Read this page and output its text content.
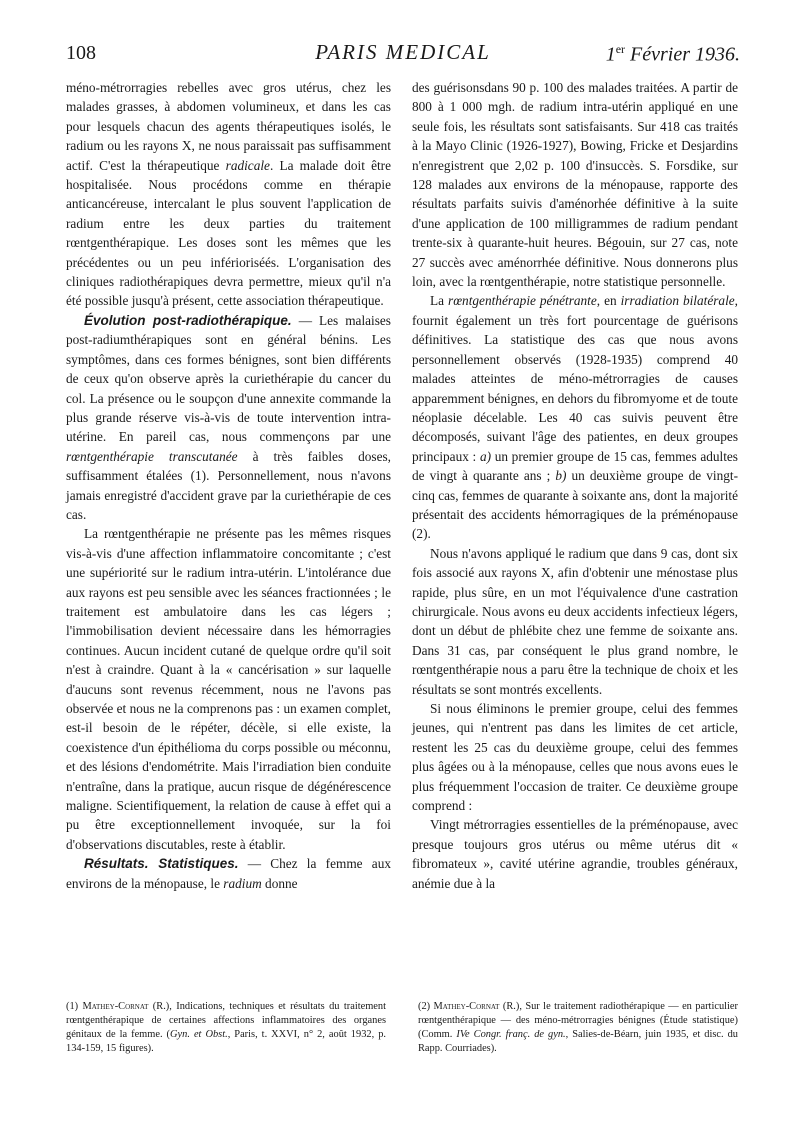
108	PARIS MEDICAL	1er Février 1936.

méno-métrorragies rebelles avec gros utérus, chez les malades grasses, à abdomen volumineux, et dans les cas pour lesquels chacun des agents thérapeutiques isolés, le radium ou les rayons X, ne nous paraissait pas suffisamment actif. C'est la thérapeutique radicale. La malade doit être hospitalisée. Nous procédons comme en thérapie anticancéreuse, intercalant le plus souvent l'application de radium entre les deux parties du traitement rœntgenthérapique. Les doses sont les mêmes que les précédentes ou un peu inférioriséés. L'organisation des cliniques radiothérapiques devra permettre, mieux qu'il n'a été possible jusqu'à présent, cette association thérapeutique.

Évolution post-radiothérapique. — Les malaises post-radiumthérapiques sont en général bénins. Les symptômes, dans ces formes bénignes, sont bien différents de ceux qu'on observe après la curiethérapie du cancer du col. La présence ou le soupçon d'une annexite commande la plus grande réserve vis-à-vis de toute intervention intra-utérine. En pareil cas, nous commençons par une rœntgenthérapie transcutanée à très faibles doses, suffisamment étalées (1). Personnellement, nous n'avons jamais enregistré d'accident grave par la curiethérapie de ces cas.

La rœntgenthérapie ne présente pas les mêmes risques vis-à-vis d'une affection inflammatoire concomitante ; c'est une supériorité sur le radium intra-utérin. L'intolérance due aux rayons est peu sensible avec les séances fractionnées ; le traitement est ambulatoire dans les cas légers ; l'immobilisation devient nécessaire dans les hémorragies continues. Aucun incident cutané de quelque ordre qu'il soit n'est à craindre. Quant à la « cancérisation » sur laquelle d'aucuns sont revenus récemment, nous ne l'avons pas observée et nous ne la comprenons pas : un examen complet, est-il besoin de le répéter, décèle, si elle existe, la coexistence d'un épithélioma du corps possible ou méconnu, et des lésions d'endométrite. Mais l'irradiation bien conduite n'entraîne, dans la pratique, aucun risque de dégénérescence maligne. Scientifiquement, la relation de cause à effet qui a pu être exceptionnellement invoquée, sur la foi d'observations discutables, reste à établir.

Résultats. Statistiques. — Chez la femme aux environs de la ménopause, le radium donne

des guérisonsdans 90 p. 100 des malades traitées. A partir de 800 à 1 000 mgh. de radium intra-utérin appliqué en une seule fois, les résultats sont satisfaisants. Sur 418 cas traités à la Mayo Clinic (1926-1927), Bowing, Fricke et Desjardins n'enregistrent que 2,02 p. 100 d'insuccès. S. Forsdike, sur 128 malades aux environs de la ménopause, rapporte des résultats parfaits suivis d'aménorhée définitive à la suite d'une application de 100 milligrammes de radium pendant trente-six à quarante-huit heures. Bégouin, sur 27 cas, note 27 succès avec aménorrhée définitive. Nous donnerons plus loin, avec la rœntgenthérapie, notre statistique personnelle.

La rœntgenthérapie pénétrante, en irradiation bilatérale, fournit également un très fort pourcentage de guérisons définitives. La statistique des cas que nous avons personnellement observés (1928-1935) comprend 40 malades atteintes de méno-métrorragies de causes apparemment bénignes, en dehors du fibromyome et de toute néoplasie décelable. Les 40 cas suivis peuvent être décomposés, suivant l'âge des patientes, en deux groupes principaux : a) un premier groupe de 15 cas, femmes adultes de vingt à quarante ans ; b) un deuxième groupe de vingt-cinq cas, femmes de quarante à soixante ans, dont la majorité présentait des accidents hémorragiques de la préménopause (2).

Nous n'avons appliqué le radium que dans 9 cas, dont six fois associé aux rayons X, afin d'obtenir une ménostase plus rapide, plus sûre, en un mot l'équivalence d'une castration chirurgicale. Nous avons eu deux accidents infectieux légers, dont un début de phlébite chez une femme de soixante ans. Dans 31 cas, par conséquent le plus grand nombre, le rœntgenthérapie nous a paru être la technique de choix et les résultats se sont montrés excellents.

Si nous éliminons le premier groupe, celui des femmes jeunes, qui n'entrent pas dans les limites de cet article, restent les 25 cas du deuxième groupe, celui des femmes plus âgées ou à la ménopause, celles que nous avons eues le plus fréquemment l'occasion de traiter. Ce deuxième groupe comprend :

Vingt métrorragies essentielles de la préménopause, avec presque toujours gros utérus ou même utérus dit « fibromateux », cavité utérine agrandie, troubles généraux, anémie due à la

(1) Mathey-Cornat (R.), Indications, techniques et résultats du traitement rœntgenthérapique de certaines affections inflammatoires des organes génitaux de la femme. (Gyn. et Obst., Paris, t. XXVI, n° 2, août 1932, p. 134-159, 15 figures).
(2) Mathey-Cornat (R.), Sur le traitement radiothérapique — en particulier rœntgenthérapique — des méno-métrorragies bénignes (Étude statistique) (Comm. IVe Congr. franç. de gyn., Salies-de-Béarn, juin 1935, et disc. du Rapp. Courriades).
